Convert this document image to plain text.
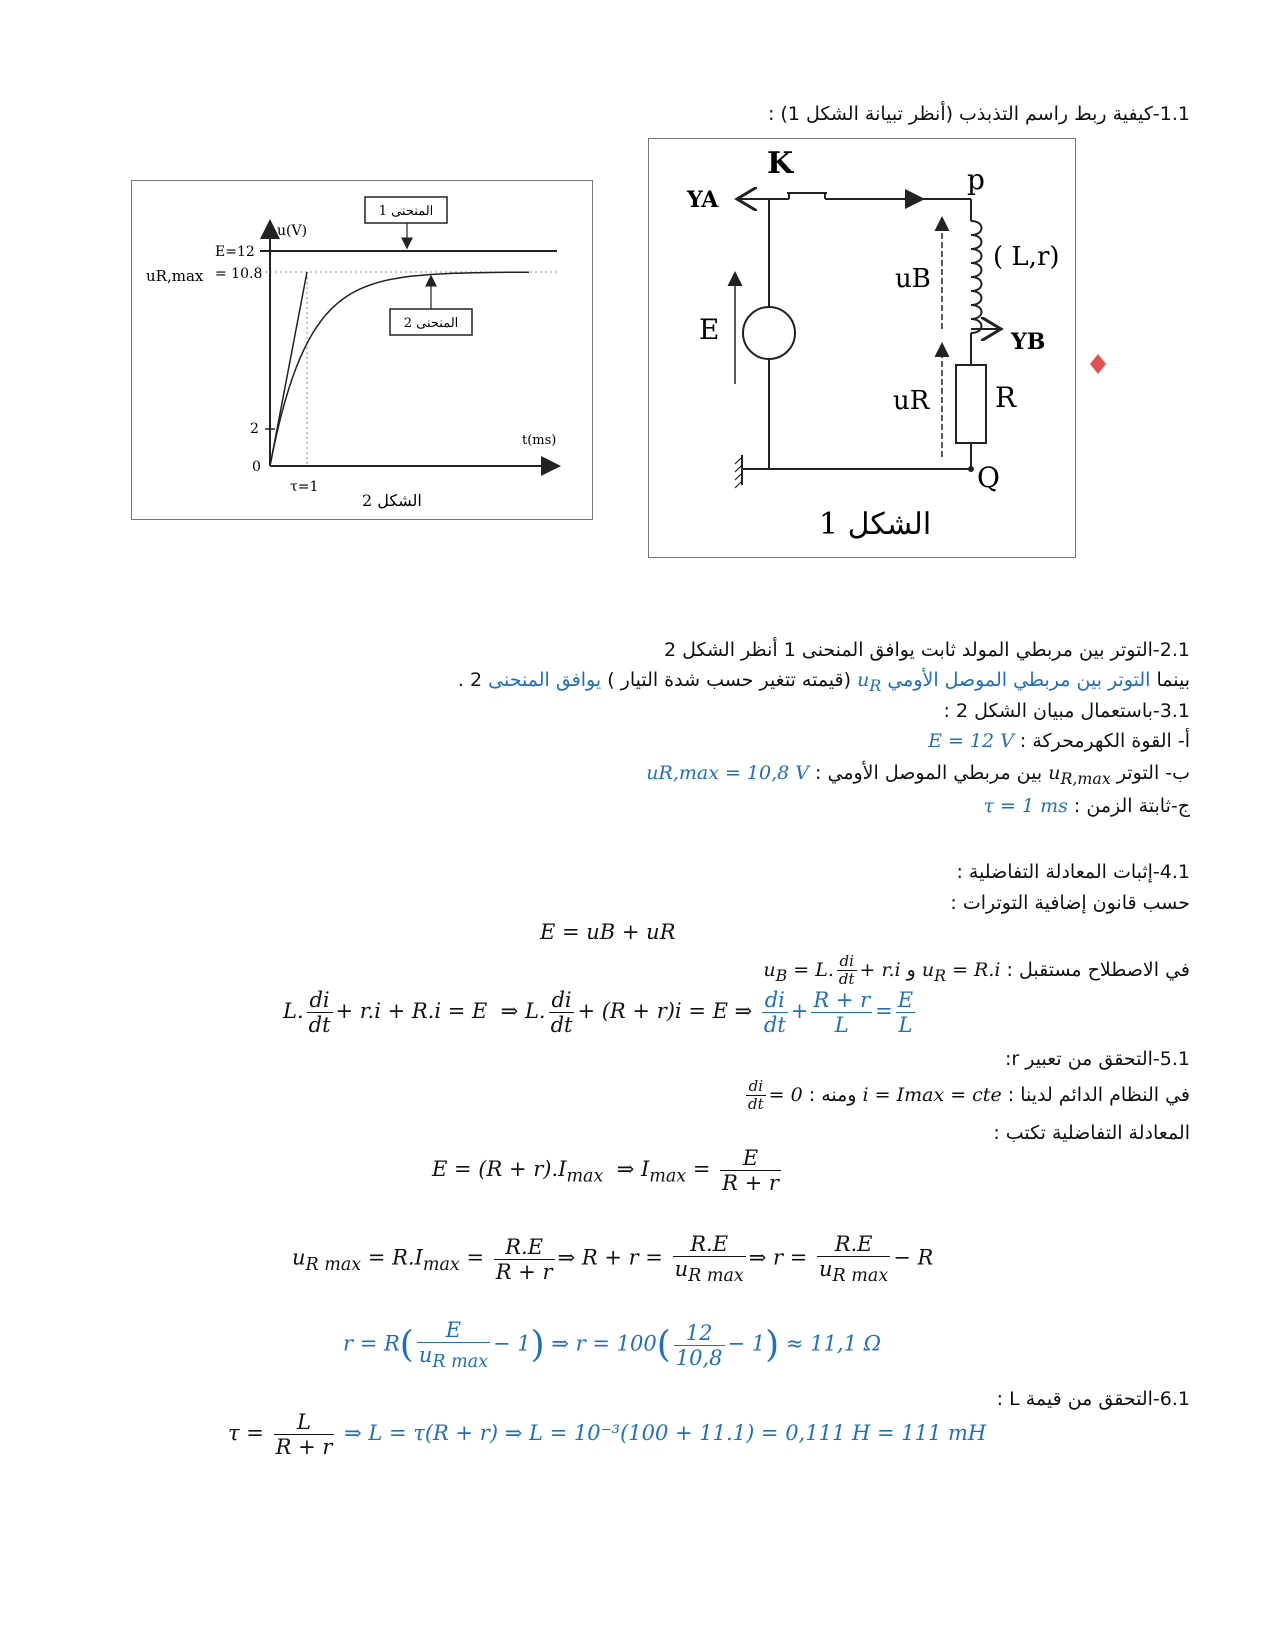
1.1-كيفية ربط راسم التذبذب (أنظر تبيانة الشكل 1) :
المنحنى 1
المنحنى 2
u(V)
t(ms)
E=12
uR,max = 10.8
2
0
τ=1
الشكل 2
K
YA
p
( L,r)
uB
YB
E
uR R
Q
الشكل 1
2.1-التوتر بين مربطي المولد ثابت يوافق المنحنى 1 أنظر الشكل 2
بينما التوتر بين مربطي الموصل الأومي $u_R$ (قيمته تتغير حسب شدة التيار ) يوافق المنحنى 2 .
3.1-باستعمال مبيان الشكل 2 :
أ- القوة الكهرمحركة : E = 12 V
ب- التوتر $u_{R,max}$ بين مربطي الموصل الأومي : uR,max = 10,8 V
ج-ثابتة الزمن : τ = 1 ms
4.1-إثبات المعادلة التفاضلية :
حسب قانون إضافية التوترات :
E = uB + uR
في الاصطلاح مستقبل : $u_R = R.i$ و $u_B = L$. $\frac{di}{dt} + r.i$
L. $\frac{di}{dt} + r.i + R.i = E$  ⇒ L. $\frac{di}{dt} + (R + r)i = E$ ⇒ $\frac{di}{dt} + \frac{R + r}{L} = \frac{E}{L}$
5.1-التحقق من تعبير r:
في النظام الدائم لدينا : i = Imax = cte ومنه :
$\frac{di}{dt} = 0$
المعادلة التفاضلية تكتب :
$E = (R + r).I_{max}$  ⇒ $I_{max} = \frac{E}{R + r}$
$u_{R max} = R.I_{max} = \frac{R.E}{R + r}$ ⇒ $R + r = \frac{R.E}{u_{R max}}$ ⇒ $r = \frac{R.E}{u_{R max}} - R$
$r = R( \frac{E}{u_{R max}} - 1)$ ⇒ $r = 100( \frac{12}{10,8} - 1) \approx 11,1$ Ω
6.1-التحقق من قيمة L :
$\tau = \frac{L}{R + r}$ ⇒ L = τ(R + r) ⇒ L = 10⁻³(100 + 11.1) = 0,111 H = 111 mH
